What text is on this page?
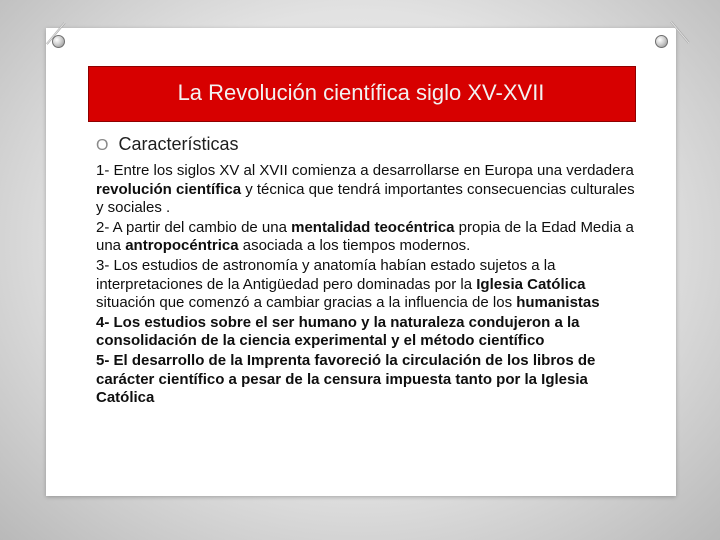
La Revolución científica siglo XV-XVII
O Características

1- Entre los siglos XV al XVII comienza a desarrollarse en Europa una verdadera revolución científica y técnica que tendrá importantes consecuencias culturales y sociales .

2- A partir del cambio de una mentalidad teocéntrica propia de la Edad Media a una antropocéntrica asociada a los tiempos modernos.

3- Los estudios de astronomía y anatomía habían estado sujetos a la interpretaciones de la Antigüedad pero dominadas por la Iglesia Católica situación que comenzó a cambiar gracias a la influencia de los humanistas

4- Los estudios sobre el ser humano y la naturaleza condujeron a la consolidación de la ciencia experimental y el método científico

5- El desarrollo de la Imprenta favoreció la circulación de los libros de carácter científico a pesar de la censura impuesta tanto por la Iglesia Católica
